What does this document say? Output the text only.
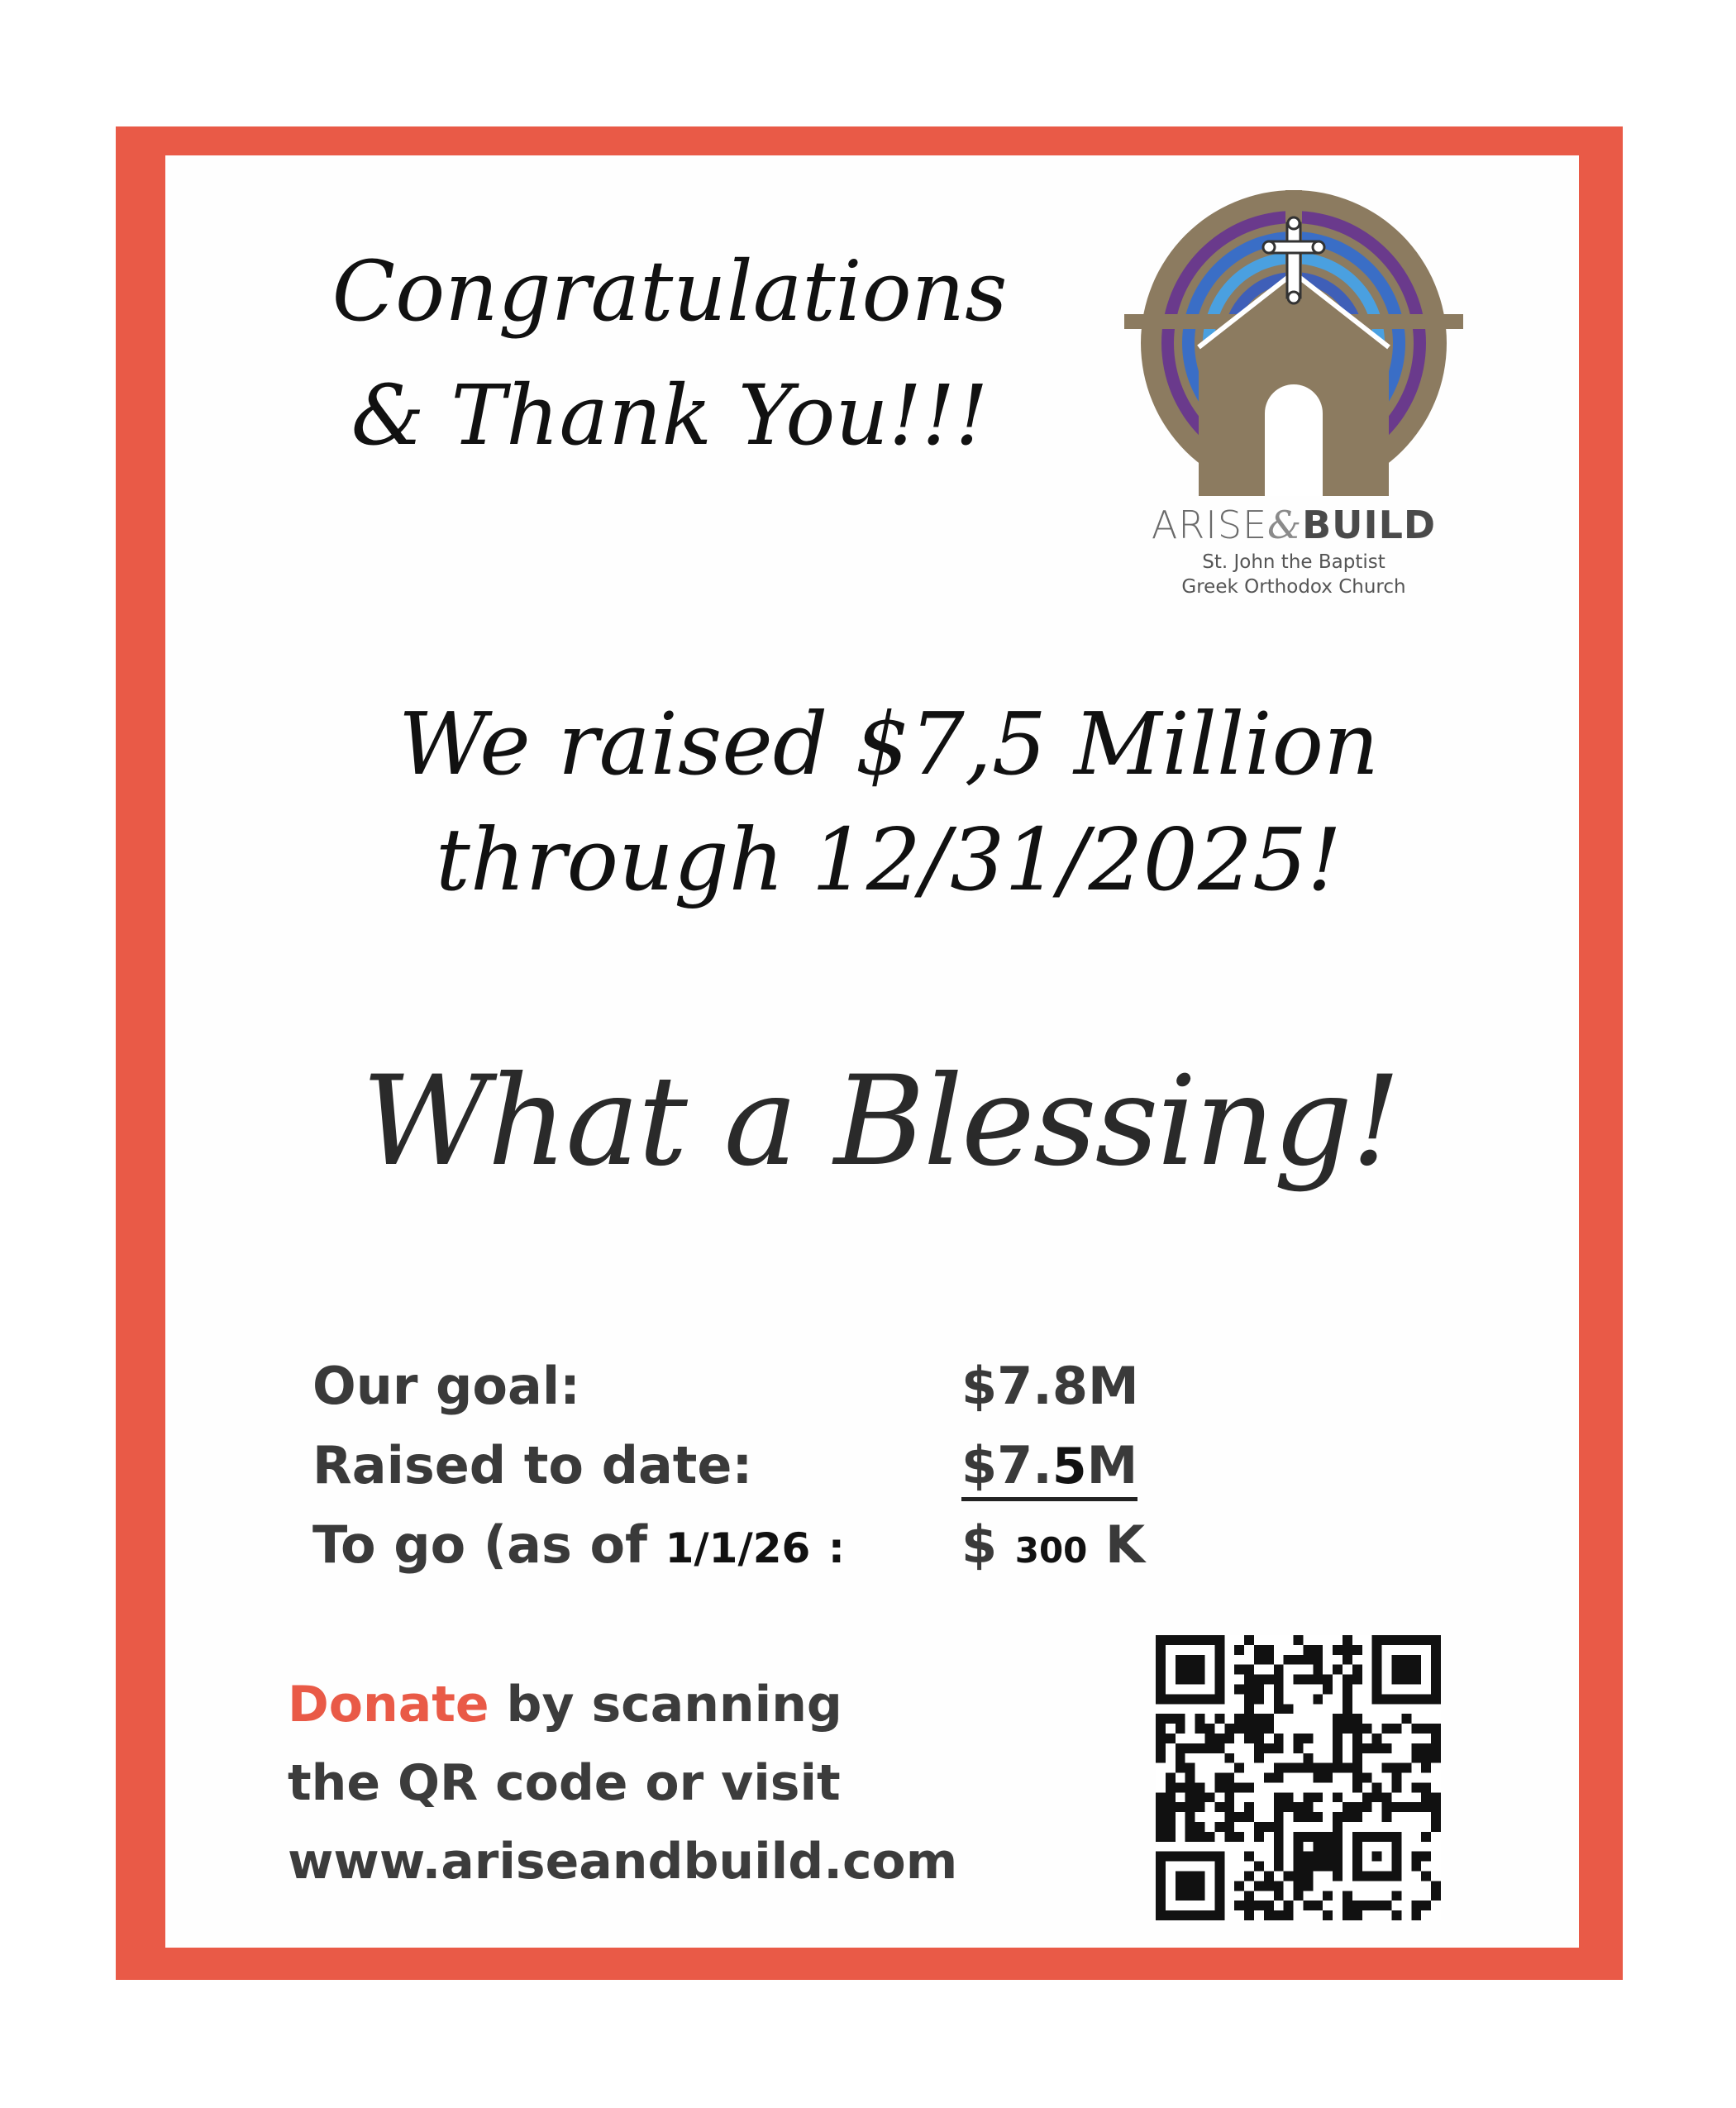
Congratulations
& Thank You!!!
ARISE&BUILD
St. John the Baptist
Greek Orthodox Church
We raised $7,5 Million
through 12/31/2025!
What a Blessing!
Our goal:	$7.8M
Raised to date:	$7.5M
To go (as of 1/1/26 : $ 300 K
Donate by scanning
the QR code or visit
www.ariseandbuild.com
